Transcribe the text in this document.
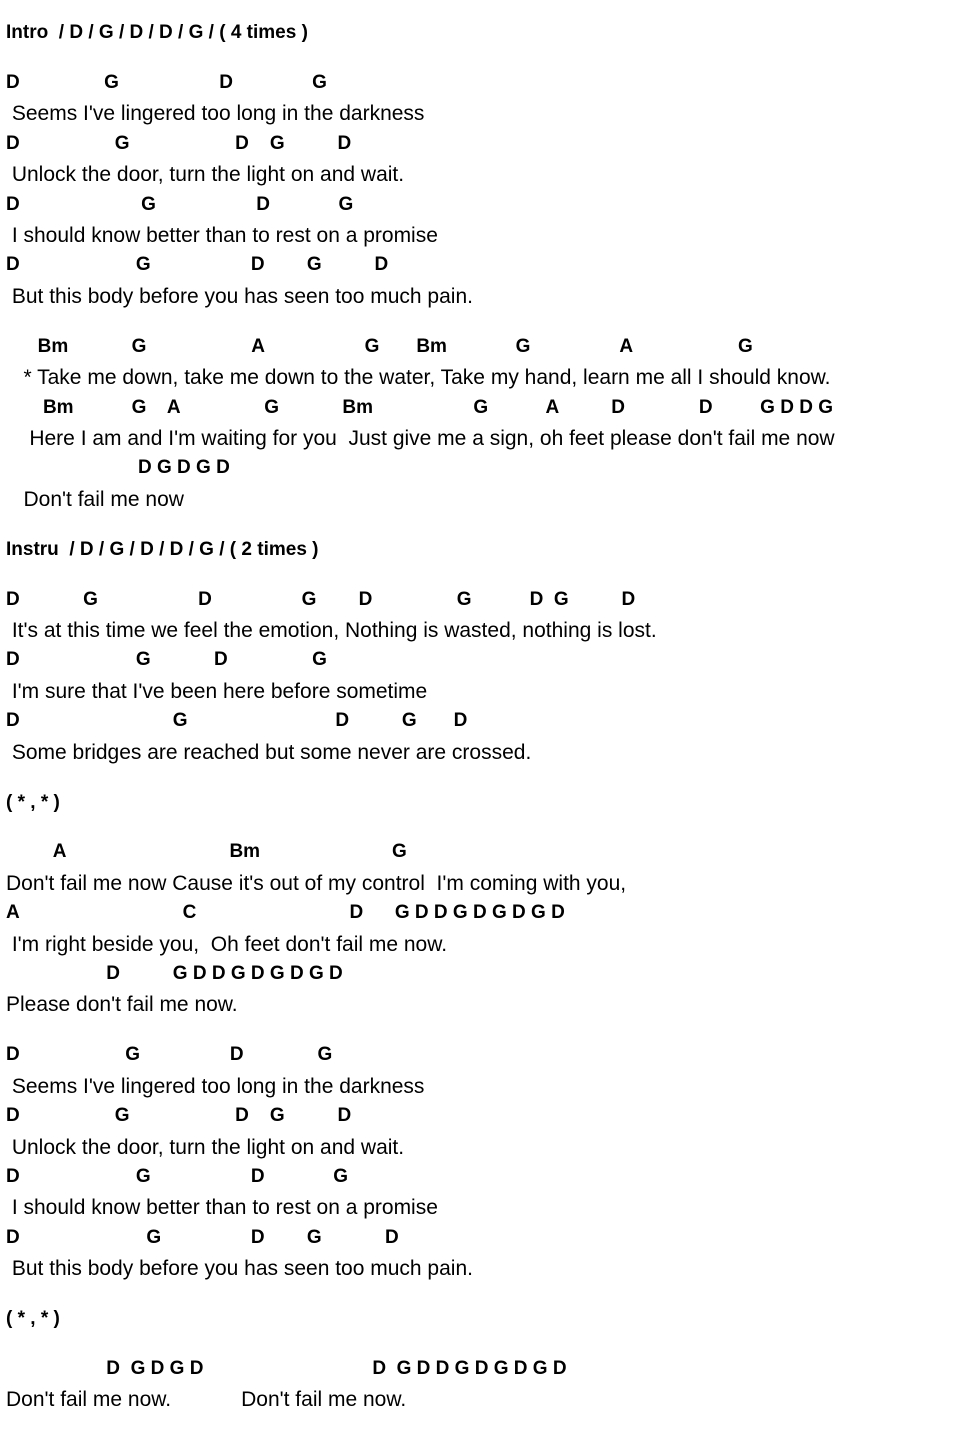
Intro  / D / G / D / D / G / ( 4 times )
D                G                   D               G
Seems I've lingered too long in the darkness
D                  G                    D    G          D
Unlock the door, turn the light on and wait.
D                       G                   D             G
I should know better than to rest on a promise
D                      G                   D        G          D
But this body before you has seen too much pain.
Bm            G                    A                   G       Bm             G                 A                    G
* Take me down, take me down to the water, Take my hand, learn me all I should know.
Bm           G    A                G            Bm                   G           A          D              D         G D D G
Here I am and I'm waiting for you  Just give me a sign, oh feet please don't fail me now
D G D G D
Don't fail me now
Instru  / D / G / D / D / G / ( 2 times )
D            G                   D                 G        D                G           D  G          D
It's at this time we feel the emotion, Nothing is wasted, nothing is lost.
D                      G            D                G
I'm sure that I've been here before sometime
D                             G                            D          G       D
Some bridges are reached but some never are crossed.
( * , * )
A                               Bm                         G
Don't fail me now Cause it's out of my control  I'm coming with you,
A                               C                             D      G D D G D G D G D
I'm right beside you,  Oh feet don't fail me now.
D          G D D G D G D G D
Please don't fail me now.
D                    G                 D              G
Seems I've lingered too long in the darkness
D                  G                    D    G          D
Unlock the door, turn the light on and wait.
D                      G                   D             G
I should know better than to rest on a promise
D                        G                 D        G            D
But this body before you has seen too much pain.
( * , * )
D  G D G D                                D  G D D G D G D G D
Don't fail me now.            Don't fail me now.
